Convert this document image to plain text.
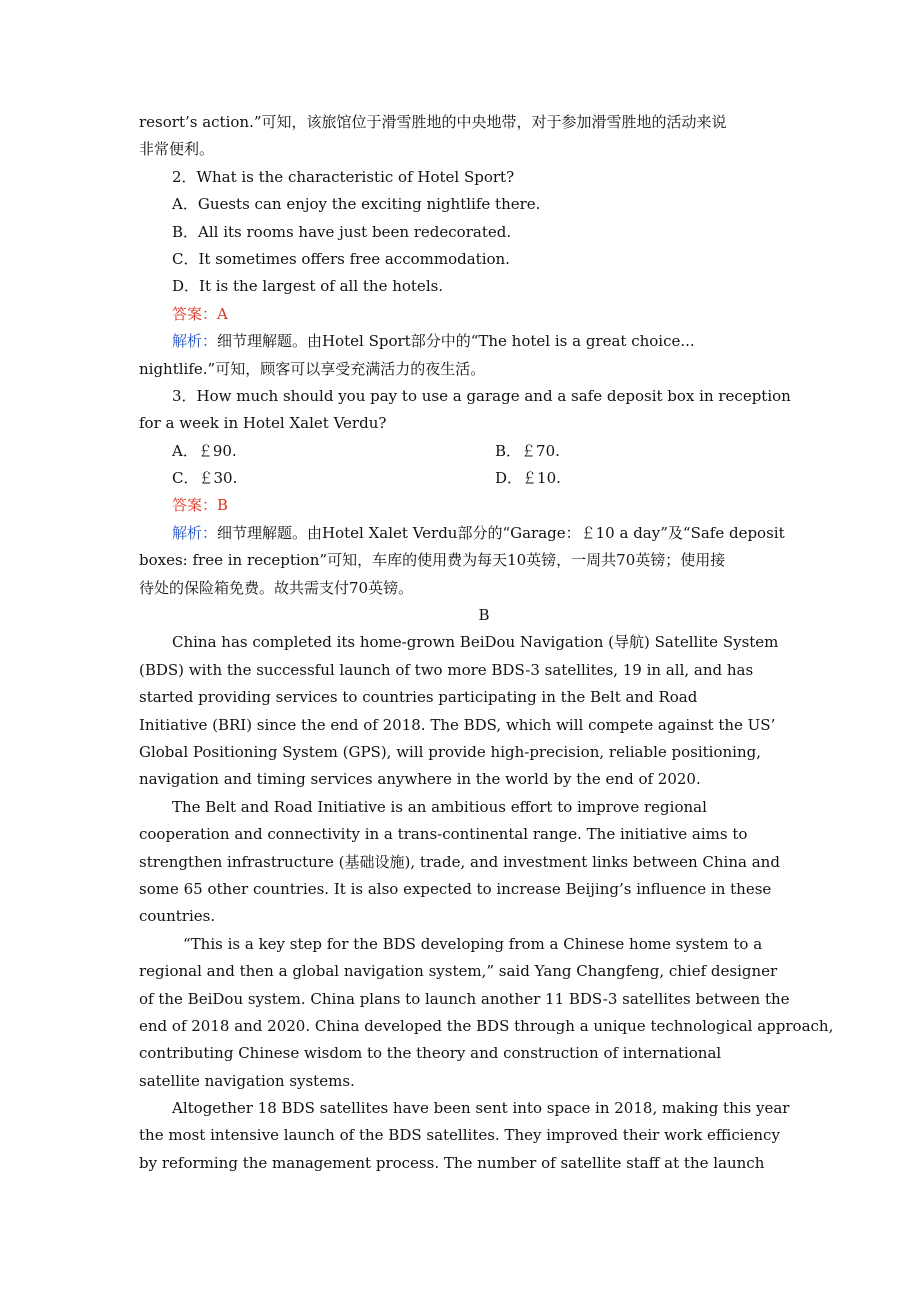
resort’s action.”可知，该旅馆位于滑雪胜地的中央地带，对于参加滑雪胜地的活动来说
非常便利。
2．What is the characteristic of Hotel Sport?
A．Guests can enjoy the exciting nightlife there.
B．All its rooms have just been redecorated.
C．It sometimes offers free accommodation.
D．It is the largest of all the hotels.
答案：A
解析：细节理解题。由Hotel Sport部分中的“The hotel is a great choice...
nightlife.”可知，顾客可以享受充满活力的夜生活。
3．How much should you pay to use a garage and a safe deposit box in reception
for a week in Hotel Xalet Verdu?
A．￡90.	B．￡70.
C．￡30.	D．￡10.
答案：B
解析：细节理解题。由Hotel Xalet Verdu部分的“Garage：￡10 a day”及“Safe deposit
boxes: free in reception”可知，车库的使用费为每天10英镑，一周共70英镑；使用接
待处的保险箱免费。故共需支付70英镑。
B
China has completed its home-grown BeiDou Navigation (导航) Satellite System
(BDS) with the successful launch of two more BDS-3 satellites, 19 in all, and has
started providing services to countries participating in the Belt and Road
Initiative (BRI) since the end of 2018. The BDS, which will compete against the US’
Global Positioning System (GPS), will provide high-precision, reliable positioning,
navigation and timing services anywhere in the world by the end of 2020.
The Belt and Road Initiative is an ambitious effort to improve regional
cooperation and connectivity in a trans-continental range. The initiative aims to
strengthen infrastructure (基础设施), trade, and investment links between China and
some 65 other countries. It is also expected to increase Beijing’s influence in these
countries.
“This is a key step for the BDS developing from a Chinese home system to a
regional and then a global navigation system,” said Yang Changfeng, chief designer
of the BeiDou system. China plans to launch another 11 BDS-3 satellites between the
end of 2018 and 2020. China developed the BDS through a unique technological approach,
contributing Chinese wisdom to the theory and construction of international
satellite navigation systems.
Altogether 18 BDS satellites have been sent into space in 2018, making this year
the most intensive launch of the BDS satellites. They improved their work efficiency
by reforming the management process. The number of satellite staff at the launch
